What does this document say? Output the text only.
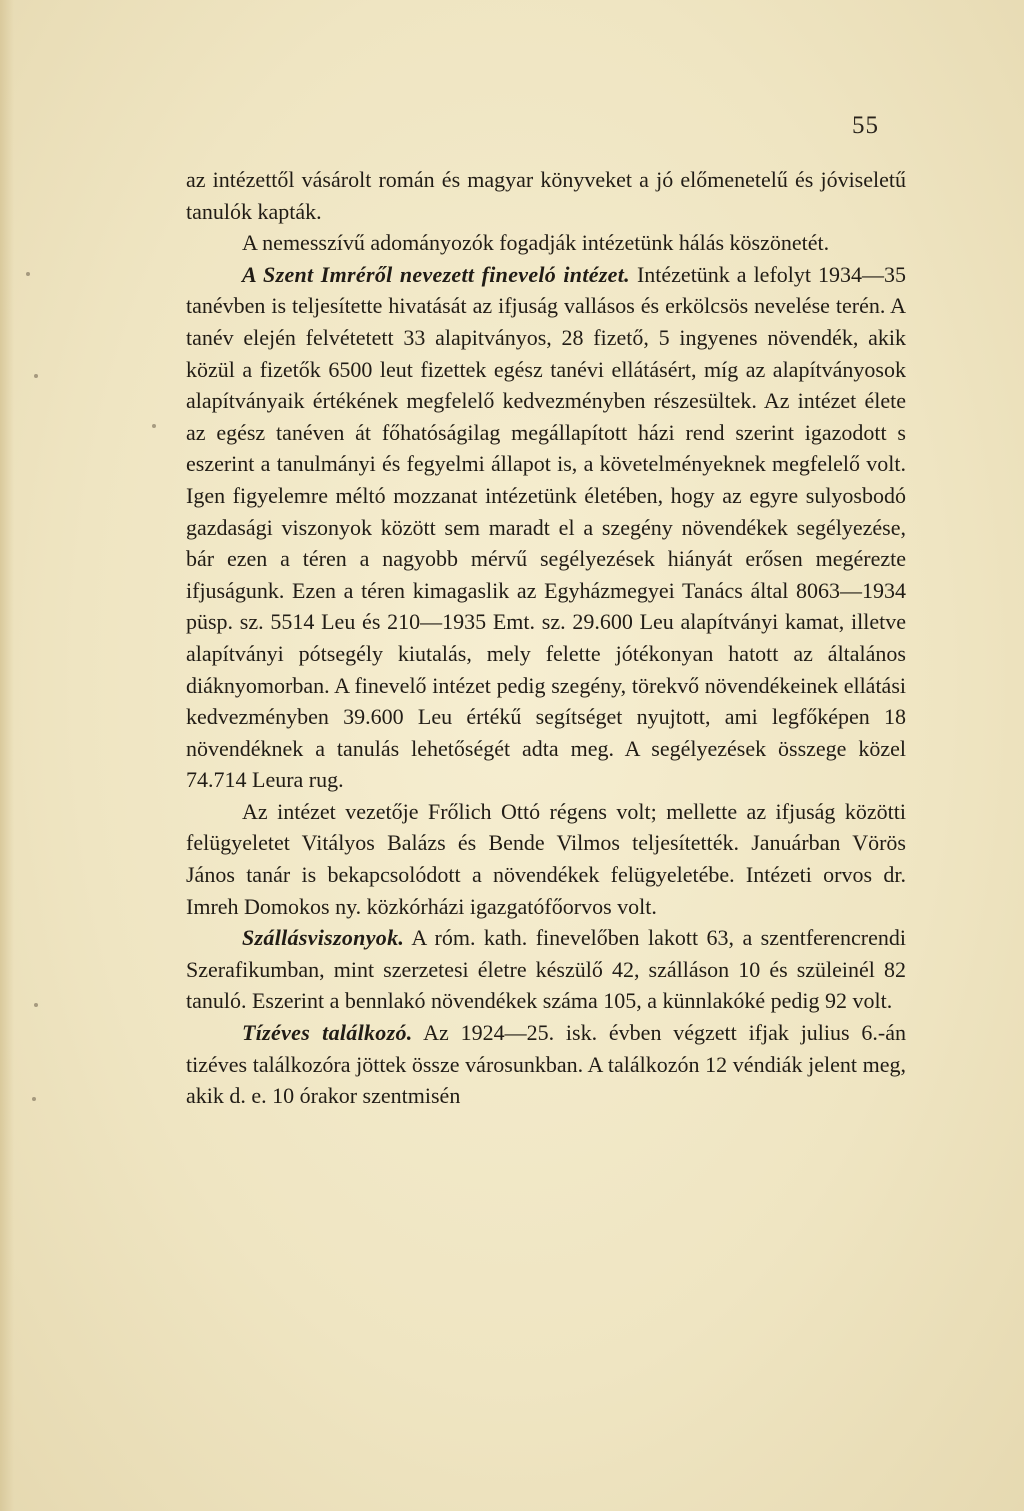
55

az intézettől vásárolt román és magyar könyveket a jó előmenetelű és jóviseletű tanulók kapták.

A nemesszívű adományozók fogadják intézetünk hálás köszönetét.

A Szent Imréről nevezett fineveló intézet. Intézetünk a lefolyt 1934—35 tanévben is teljesítette hivatását az ifjuság vallásos és erkölcsös nevelése terén. A tanév elején felvétetett 33 alapitványos, 28 fizető, 5 ingyenes növendék, akik közül a fizetők 6500 leut fizettek egész tanévi ellátásért, míg az alapítványosok alapítványaik értékének megfelelő kedvezményben részesültek. Az intézet élete az egész tanéven át főhatóságilag megállapított házi rend szerint igazodott s eszerint a tanulmányi és fegyelmi állapot is, a követelményeknek megfelelő volt. Igen figyelemre méltó mozzanat intézetünk életében, hogy az egyre sulyosbodó gazdasági viszonyok között sem maradt el a szegény növendékek segélyezése, bár ezen a téren a nagyobb mérvű segélyezések hiányát erősen megérezte ifjuságunk. Ezen a téren kimagaslik az Egyházmegyei Tanács által 8063—1934 püsp. sz. 5514 Leu és 210—1935 Emt. sz. 29.600 Leu alapítványi kamat, illetve alapítványi pótsegély kiutalás, mely felette jótékonyan hatott az általános diáknyomorban. A finevelő intézet pedig szegény, törekvő növendékeinek ellátási kedvezményben 39.600 Leu értékű segítséget nyujtott, ami legfőképen 18 növendéknek a tanulás lehetőségét adta meg. A segélyezések összege közel 74.714 Leura rug.

Az intézet vezetője Frőlich Ottó régens volt; mellette az ifjuság közötti felügyeletet Vitályos Balázs és Bende Vilmos teljesítették. Januárban Vörös János tanár is bekapcsolódott a növendékek felügyeletébe. Intézeti orvos dr. Imreh Domokos ny. közkórházi igazgatófőorvos volt.

Szállásviszonyok. A róm. kath. finevelőben lakott 63, a szentferencrendi Szerafikumban, mint szerzetesi életre készülő 42, szálláson 10 és szüleinél 82 tanuló. Eszerint a bennlakó növendékek száma 105, a künnlakóké pedig 92 volt.

Tízéves találkozó. Az 1924—25. isk. évben végzett ifjak julius 6.-án tizéves találkozóra jöttek össze városunkban. A találkozón 12 véndiák jelent meg, akik d. e. 10 órakor szentmisén
